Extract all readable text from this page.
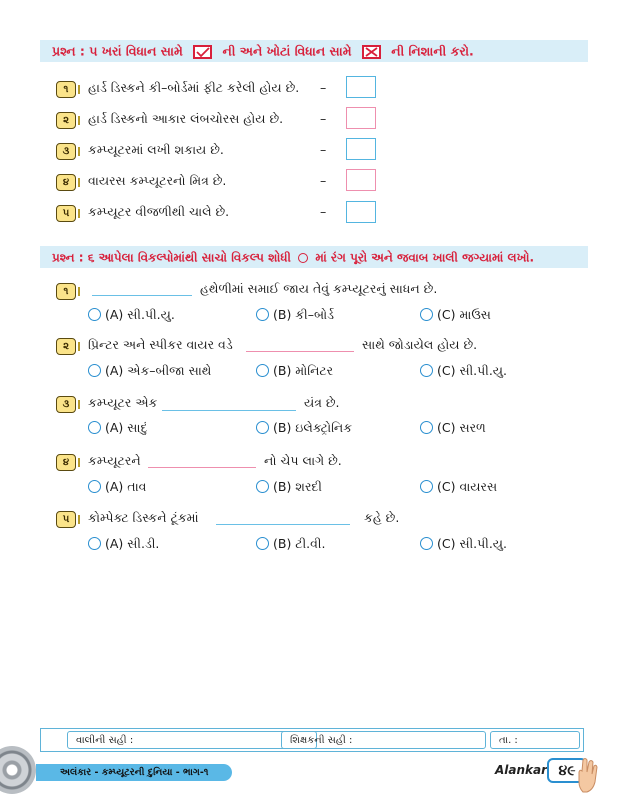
પ્રશ્ન : ૫ ખરાં વિધાન સામે	ની અને ખોટાં વિધાન સામે	ની નિશાની કરો.
૧	હાર્ડ ડિસ્કને કી–બોર્ડમાં ફીટ કરેલી હોય છે. –
૨	હાર્ડ ડિસ્કનો આકાર લંબચોરસ હોય છે.	–
૩	કમ્પ્યૂટરમાં લખી શકાય છે.	–
૪	વાયરસ કમ્પ્યૂટરનો મિત્ર છે.	–
૫	કમ્પ્યૂટર વીજળીથી ચાલે છે.	–
પ્રશ્ન : ૬ આપેલા વિકલ્પોમાંથી સાચો વિકલ્પ શોધી માં રંગ પૂરો અને જવાબ ખાલી જગ્યામાં લખો.
૧	હથેળીમાં સમાઈ જાય તેવું કમ્પ્યૂટરનું સાધન છે.
(A) સી.પી.યુ.	(B) કી–બોર્ડ	(C) માઉસ
૨	પ્રિન્ટર અને સ્પીકર વાયર વડે	સાથે જોડાયેલ હોય છે.
(A) એક–બીજા સાથે	(B) મોનિટર	(C) સી.પી.યુ.
૩	કમ્પ્યૂટર એક	યંત્ર છે.
(A) સાદું	(B) ઇલેક્ટ્રોનિક	(C) સરળ
૪	કમ્પ્યૂટરને	નો ચેપ લાગે છે.
(A) તાવ	(B) શરદી	(C) વાયરસ
૫	કોમ્પેક્ટ ડિસ્કને ટૂંકમાં	કહે છે.
(A) સી.ડી.	(B) ટી.વી.	(C) સી.પી.યુ.
વાલીની સહી :	શિક્ષકની સહી :	તા. :
અલંકાર - કમ્પ્યૂટરની દુનિયા - ભાગ-૧	Alankar ૪૯
